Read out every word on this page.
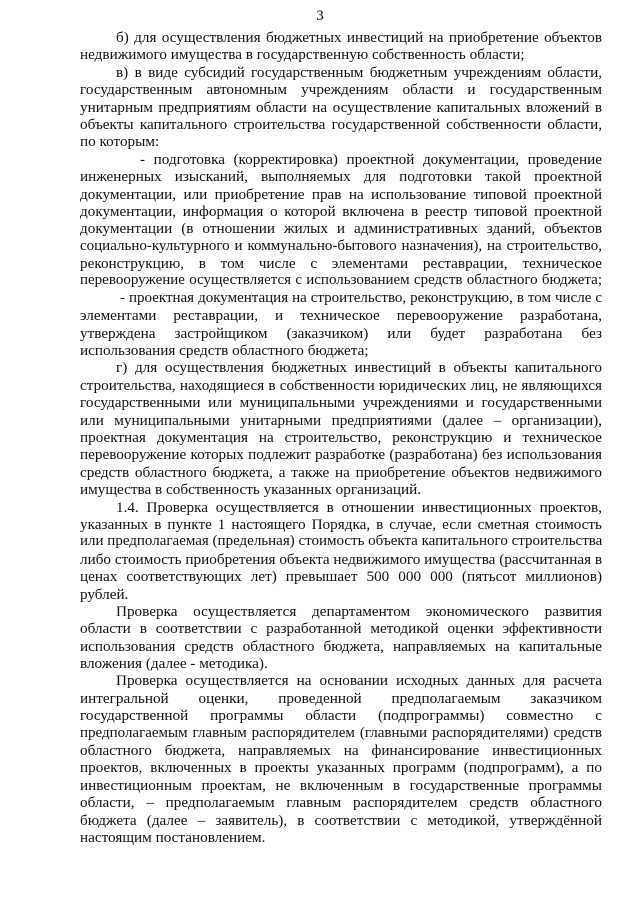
3
б) для осуществления бюджетных инвестиций на приобретение объектов
недвижимого имущества в государственную собственность области;
в) в виде субсидий государственным бюджетным учреждениям области,
государственным автономным учреждениям области и государственным
унитарным предприятиям области на осуществление капитальных вложений в
объекты капитального строительства государственной собственности области,
по которым:
- подготовка (корректировка) проектной документации, проведение
инженерных изысканий, выполняемых для подготовки такой проектной
документации, или приобретение прав на использование типовой проектной
документации, информация о которой включена в реестр типовой проектной
документации (в отношении жилых и административных зданий, объектов
социально-культурного и коммунально-бытового назначения), на строительство,
реконструкцию, в том числе с элементами реставрации, техническое
перевооружение осуществляется с использованием средств областного бюджета;
- проектная документация на строительство, реконструкцию, в том числе с
элементами реставрации, и техническое перевооружение разработана,
утверждена застройщиком (заказчиком) или будет разработана без
использования средств областного бюджета;
г) для осуществления бюджетных инвестиций в объекты капитального
строительства, находящиеся в собственности юридических лиц, не являющихся
государственными или муниципальными учреждениями и государственными
или муниципальными унитарными предприятиями (далее – организации),
проектная документация на строительство, реконструкцию и техническое
перевооружение которых подлежит разработке (разработана) без использования
средств областного бюджета, а также на приобретение объектов недвижимого
имущества в собственность указанных организаций.
1.4. Проверка осуществляется в отношении инвестиционных проектов,
указанных в пункте 1 настоящего Порядка, в случае, если сметная стоимость
или предполагаемая (предельная) стоимость объекта капитального строительства
либо стоимость приобретения объекта недвижимого имущества (рассчитанная в
ценах соответствующих лет) превышает 500 000 000 (пятьсот миллионов)
рублей.
Проверка осуществляется департаментом экономического развития
области в соответствии с разработанной методикой оценки эффективности
использования средств областного бюджета, направляемых на капитальные
вложения (далее - методика).
Проверка осуществляется на основании исходных данных для расчета
интегральной оценки, проведенной предполагаемым заказчиком
государственной программы области (подпрограммы) совместно с
предполагаемым главным распорядителем (главными распорядителями) средств
областного бюджета, направляемых на финансирование инвестиционных
проектов, включенных в проекты указанных программ (подпрограмм), а по
инвестиционным проектам, не включенным в государственные программы
области, – предполагаемым главным распорядителем средств областного
бюджета (далее – заявитель), в соответствии с методикой, утверждённой
настоящим постановлением.
